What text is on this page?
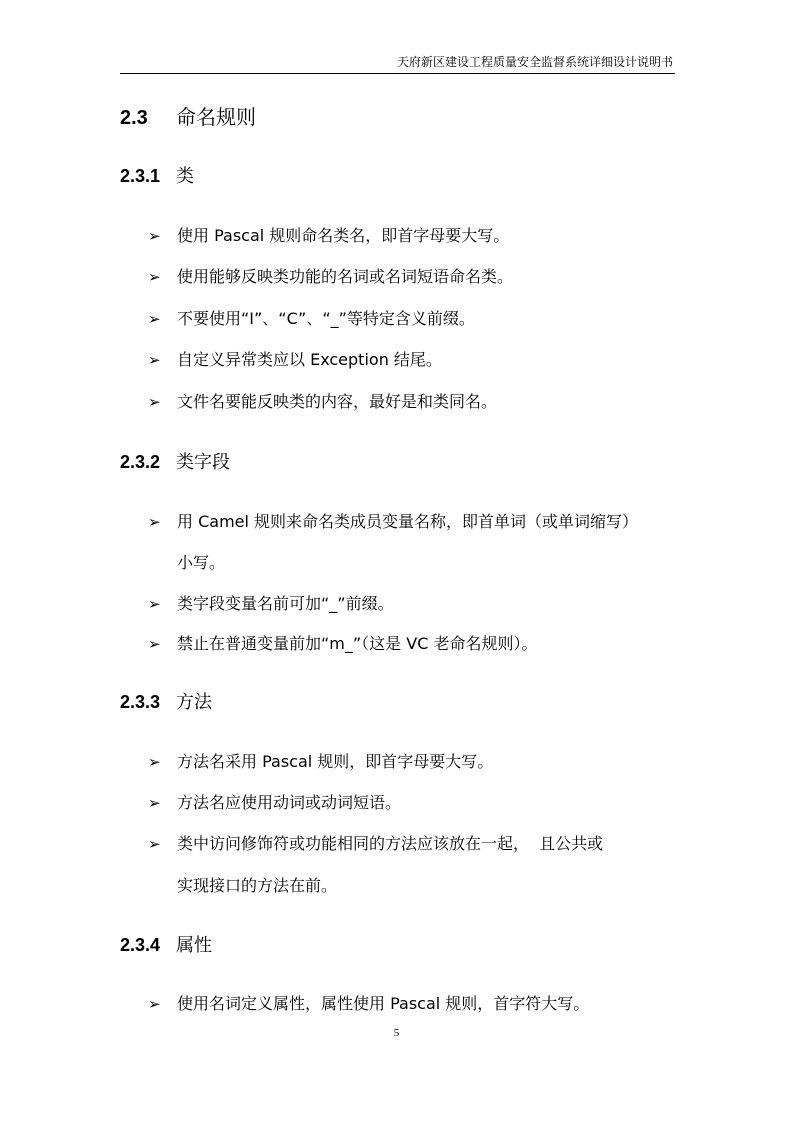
天府新区建设工程质量安全监督系统详细设计说明书
2.3 命名规则
2.3.1 类
➢ 使用 Pascal 规则命名类名，即首字母要大写。
➢ 使用能够反映类功能的名词或名词短语命名类。
➢ 不要使用“I”、“C”、“_”等特定含义前缀。
➢ 自定义异常类应以 Exception 结尾。
➢ 文件名要能反映类的内容，最好是和类同名。
2.3.2 类字段
➢ 用 Camel 规则来命名类成员变量名称，即首单词（或单词缩写）
小写。
➢ 类字段变量名前可加“_”前缀。
➢ 禁止在普通变量前加“m_”（这是 VC 老命名规则）。
2.3.3 方法
➢ 方法名采用 Pascal 规则，即首字母要大写。
➢ 方法名应使用动词或动词短语。
➢ 类中访问修饰符或功能相同的方法应该放在一起，  且公共或
实现接口的方法在前。
2.3.4 属性
➢ 使用名词定义属性，属性使用 Pascal 规则，首字符大写。
5
